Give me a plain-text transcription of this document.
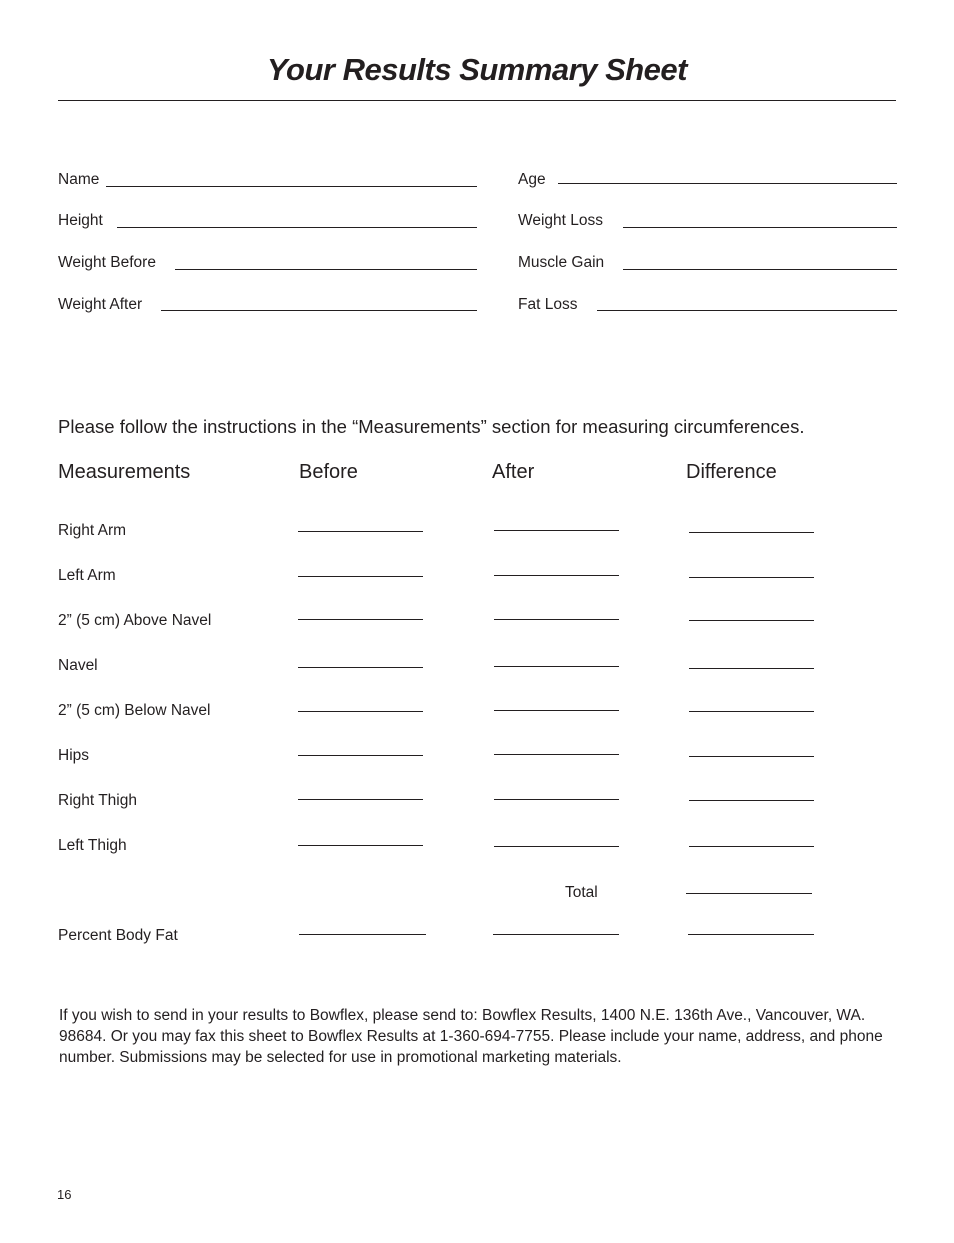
Your Results Summary Sheet
Name
Height
Weight Before
Weight After
Age
Weight Loss
Muscle Gain
Fat Loss
Please follow the instructions in the “Measurements” section for measuring circumferences.
Measurements	Before	After	Difference
Right Arm
Left Arm
2” (5 cm) Above Navel
Navel
2” (5 cm) Below Navel
Hips
Right Thigh
Left Thigh
Total
Percent Body Fat

If you wish to send in your results to Bowflex, please send to: Bowflex Results, 1400 N.E. 136th Ave., Vancouver, WA. 98684. Or you may fax this sheet to Bowflex Results at 1-360-694-7755. Please include your name, address, and phone number. Submissions may be selected for use in promotional marketing materials.

16
